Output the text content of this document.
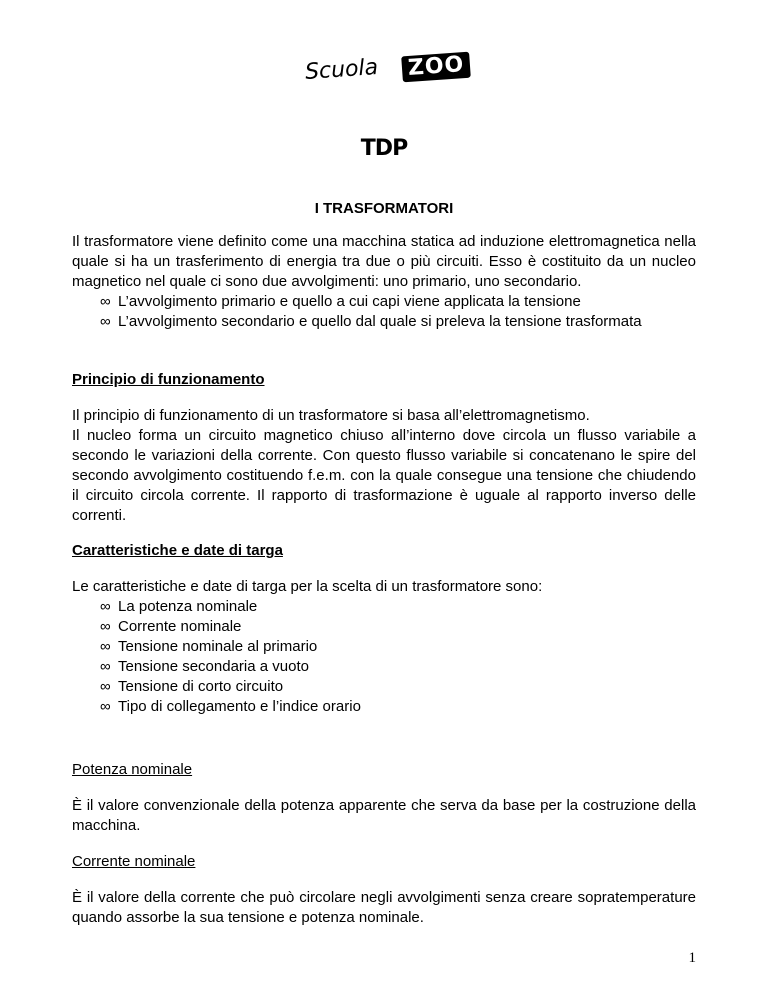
Scuola ZOO
TDP
I TRASFORMATORI
Il trasformatore viene definito come una macchina statica ad induzione elettromagnetica nella quale si ha un trasferimento di energia tra due o più circuiti. Esso è costituito da un nucleo magnetico nel quale ci sono due avvolgimenti: uno primario, uno secondario.
∞ L’avvolgimento primario e quello a cui capi viene applicata la tensione
∞ L’avvolgimento secondario e quello dal quale si preleva la tensione trasformata
Principio di funzionamento
Il principio di funzionamento di un trasformatore si basa all’elettromagnetismo.
Il nucleo forma un circuito magnetico chiuso all’interno dove circola un flusso variabile a secondo le variazioni della corrente. Con questo flusso variabile si concatenano le spire del secondo avvolgimento costituendo f.e.m. con la quale consegue una tensione che chiudendo il circuito circola corrente. Il rapporto di trasformazione è uguale al rapporto inverso delle correnti.
Caratteristiche e date di targa
Le caratteristiche e date di targa per la scelta di un trasformatore sono:
∞ La potenza nominale
∞ Corrente nominale
∞ Tensione nominale al primario
∞ Tensione secondaria a vuoto
∞ Tensione di corto circuito
∞ Tipo di collegamento e l’indice orario
Potenza nominale
È il valore convenzionale della potenza apparente che serva da base per la costruzione della macchina.
Corrente nominale
È il valore della corrente che può circolare negli avvolgimenti senza creare sopratemperature quando assorbe la sua tensione e potenza nominale.
1
